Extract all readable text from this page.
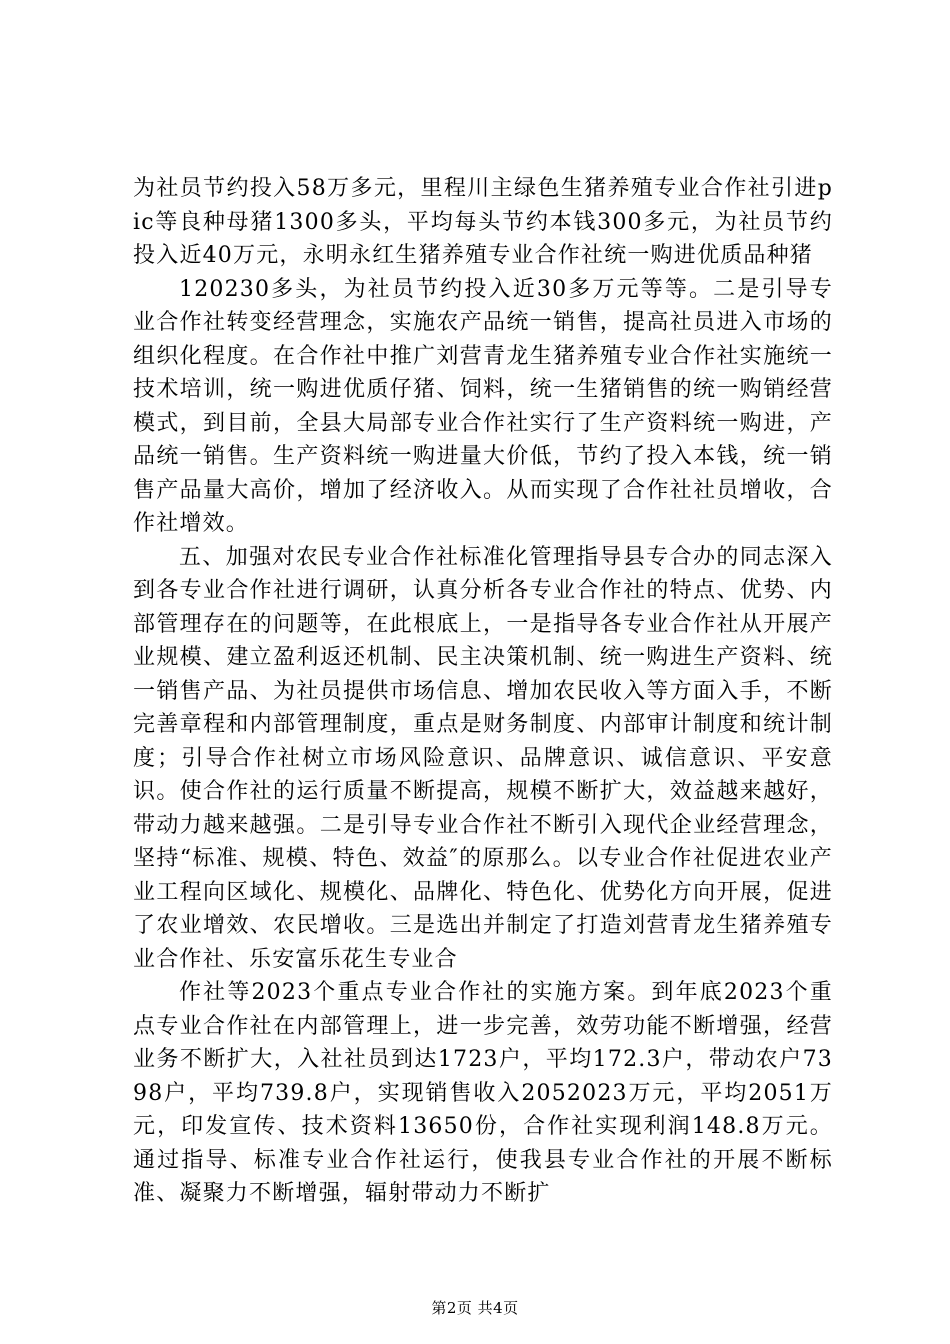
为社员节约投入58万多元，里程川主绿色生猪养殖专业合作社引进pic等良种母猪1300多头，平均每头节约本钱300多元，为社员节约投入近40万元，永明永红生猪养殖专业合作社统一购进优质品种猪

120230多头，为社员节约投入近30多万元等等。二是引导专业合作社转变经营理念，实施农产品统一销售，提高社员进入市场的组织化程度。在合作社中推广刘营青龙生猪养殖专业合作社实施统一技术培训，统一购进优质仔猪、饲料，统一生猪销售的统一购销经营模式，到目前，全县大局部专业合作社实行了生产资料统一购进，产品统一销售。生产资料统一购进量大价低，节约了投入本钱，统一销售产品量大高价，增加了经济收入。从而实现了合作社社员增收，合作社增效。

五、加强对农民专业合作社标准化管理指导县专合办的同志深入到各专业合作社进行调研，认真分析各专业合作社的特点、优势、内部管理存在的问题等，在此根底上，一是指导各专业合作社从开展产业规模、建立盈利返还机制、民主决策机制、统一购进生产资料、统一销售产品、为社员提供市场信息、增加农民收入等方面入手，不断完善章程和内部管理制度，重点是财务制度、内部审计制度和统计制度；引导合作社树立市场风险意识、品牌意识、诚信意识、平安意识。使合作社的运行质量不断提高，规模不断扩大，效益越来越好，带动力越来越强。二是引导专业合作社不断引入现代企业经营理念，坚持“标准、规模、特色、效益″的原那么。以专业合作社促进农业产业工程向区域化、规模化、品牌化、特色化、优势化方向开展，促进了农业增效、农民增收。三是选出并制定了打造刘营青龙生猪养殖专业合作社、乐安富乐花生专业合

作社等2023个重点专业合作社的实施方案。到年底2023个重点专业合作社在内部管理上，进一步完善，效劳功能不断增强，经营业务不断扩大，入社社员到达1723户，平均172.3户，带动农户7398户，平均739.8户，实现销售收入2052023万元，平均2051万元，印发宣传、技术资料13650份，合作社实现利润148.8万元。通过指导、标准专业合作社运行，使我县专业合作社的开展不断标准、凝聚力不断增强，辐射带动力不断扩

第2页 共4页
